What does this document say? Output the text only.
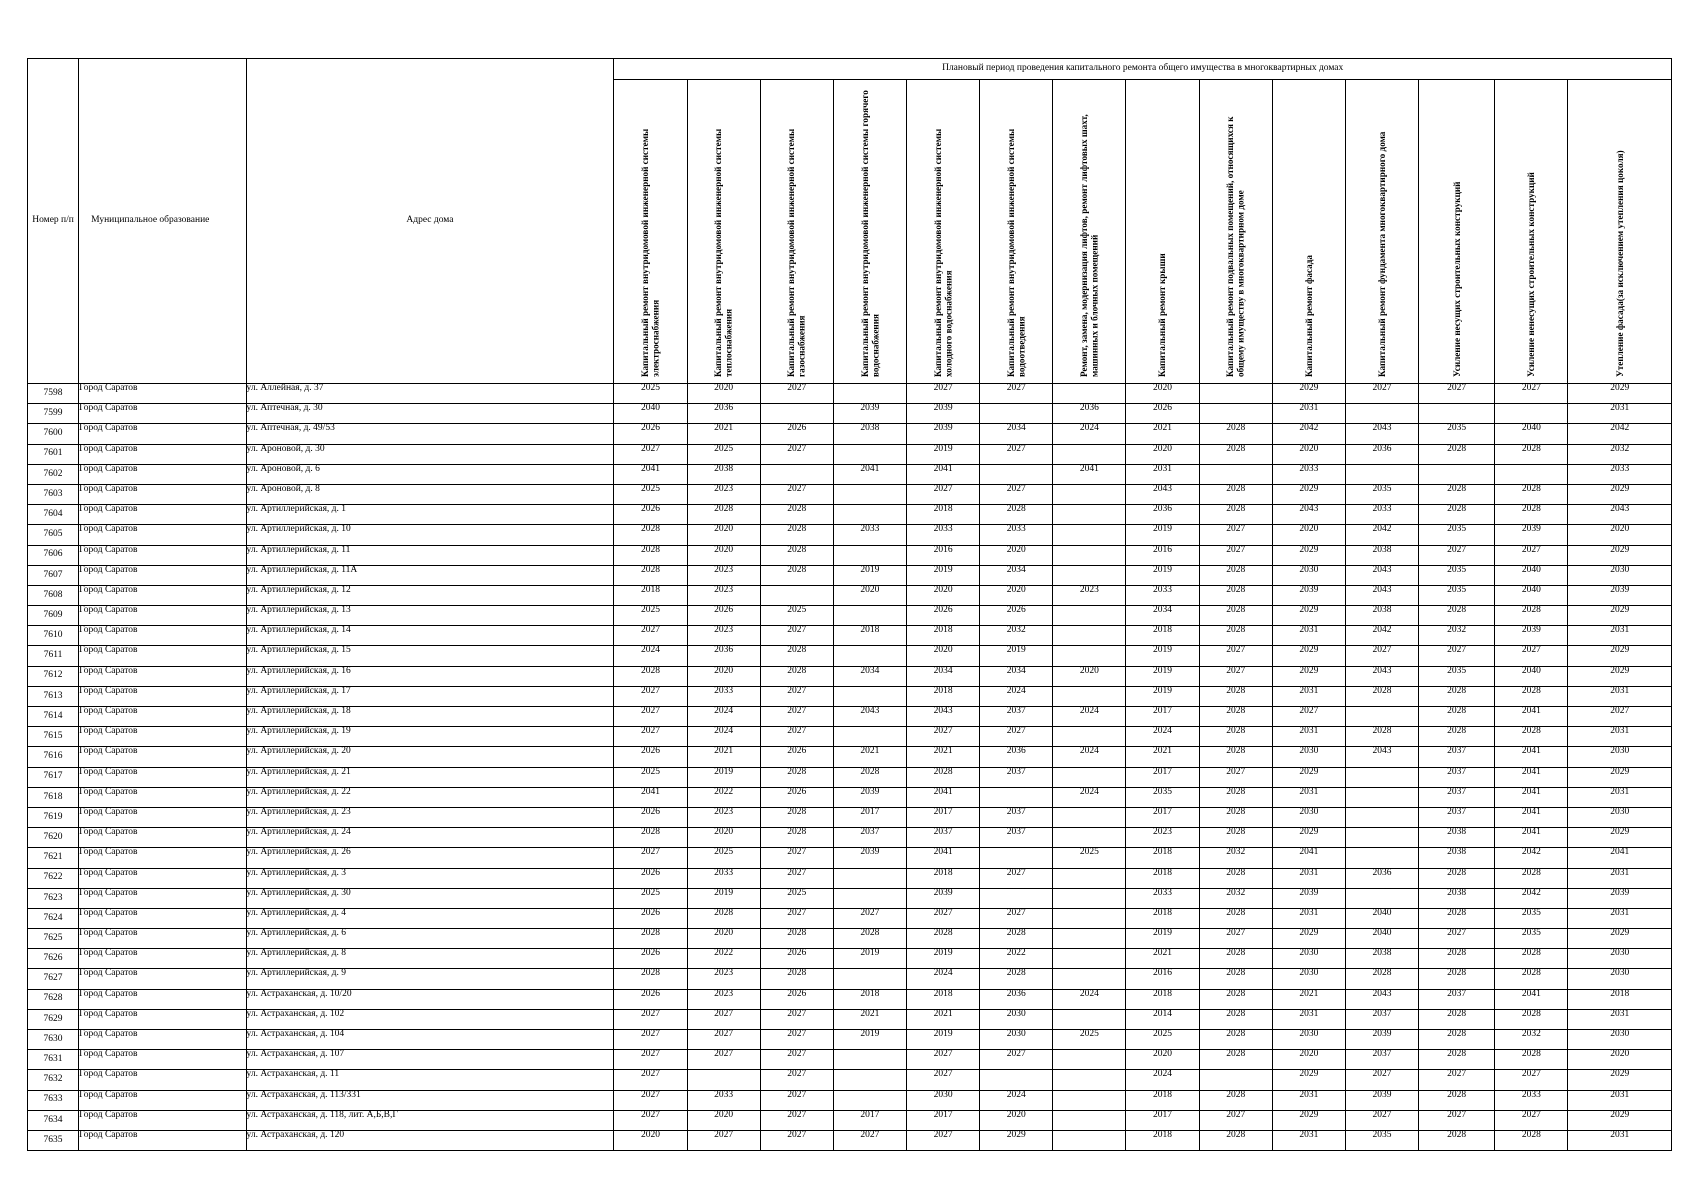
Номер п/п	Муниципальное образование	Адрес дома	Плановый период проведения капитального ремонта общего имущества в многоквартирных домах													

Капитальный ремонт внутридомовой инженерной системы электроснабжения	Капитальный ремонт внутридомовой инженерной системы теплоснабжения	Капитальный ремонт внутридомовой инженерной системы газоснабжения	Капитальный ремонт внутридомовой инженерной системы горячего водоснабжения	Капитальный ремонт внутридомовой инженерной системы холодного водоснабжения	Капитальный ремонт внутридомовой инженерной системы водоотведения	Ремонт, замена, модернизация лифтов, ремонт лифтовых шахт, машинных и блочных помещений	Капитальный ремонт крыши	Капитальный ремонт подвальных помещений, относящихся к общему имуществу в многоквартирном доме	Капитальный ремонт фасада	Капитальный ремонт фундамента многоквартирного дома	Усиление несущих строительных конструкций	Усиление ненесущих строительных конструкций	Утепление фасада(за исключением утепления цоколя)

7598	Город Саратов	ул. Аллейная, д. 37	2025	2020	2027		2027	2027		2020		2029	2027	2027	2027	2029
7599	Город Саратов	ул. Аптечная, д. 30	2040	2036		2039	2039		2036	2026		2031				2031
7600	Город Саратов	ул. Аптечная, д. 49/53	2026	2021	2026	2038	2039	2034	2024	2021	2028	2042	2043	2035	2040	2042
7601	Город Саратов	ул. Ароновой, д. 30	2027	2025	2027		2019	2027		2020	2028	2020	2036	2028	2028	2032
7602	Город Саратов	ул. Ароновой, д. 6	2041	2038		2041	2041		2041	2031		2033				2033
7603	Город Саратов	ул. Ароновой, д. 8	2025	2023	2027		2027	2027		2043	2028	2029	2035	2028	2028	2029
7604	Город Саратов	ул. Артиллерийская, д. 1	2026	2028	2028		2018	2028		2036	2028	2043	2033	2028	2028	2043
7605	Город Саратов	ул. Артиллерийская, д. 10	2028	2020	2028	2033	2033	2033		2019	2027	2020	2042	2035	2039	2020
7606	Город Саратов	ул. Артиллерийская, д. 11	2028	2020	2028		2016	2020		2016	2027	2029	2038	2027	2027	2029
7607	Город Саратов	ул. Артиллерийская, д. 11А	2028	2023	2028	2019	2019	2034		2019	2028	2030	2043	2035	2040	2030
7608	Город Саратов	ул. Артиллерийская, д. 12	2018	2023		2020	2020	2020	2023	2033	2028	2039	2043	2035	2040	2039
7609	Город Саратов	ул. Артиллерийская, д. 13	2025	2026	2025		2026	2026		2034	2028	2029	2038	2028	2028	2029
7610	Город Саратов	ул. Артиллерийская, д. 14	2027	2023	2027	2018	2018	2032		2018	2028	2031	2042	2032	2039	2031
7611	Город Саратов	ул. Артиллерийская, д. 15	2024	2036	2028		2020	2019		2019	2027	2029	2027	2027	2027	2029
7612	Город Саратов	ул. Артиллерийская, д. 16	2028	2020	2028	2034	2034	2034	2020	2019	2027	2029	2043	2035	2040	2029
7613	Город Саратов	ул. Артиллерийская, д. 17	2027	2033	2027		2018	2024		2019	2028	2031	2028	2028	2028	2031
7614	Город Саратов	ул. Артиллерийская, д. 18	2027	2024	2027	2043	2043	2037	2024	2017	2028	2027		2028	2041	2027
7615	Город Саратов	ул. Артиллерийская, д. 19	2027	2024	2027		2027	2027		2024	2028	2031	2028	2028	2028	2031
7616	Город Саратов	ул. Артиллерийская, д. 20	2026	2021	2026	2021	2021	2036	2024	2021	2028	2030	2043	2037	2041	2030
7617	Город Саратов	ул. Артиллерийская, д. 21	2025	2019	2028	2028	2028	2037		2017	2027	2029		2037	2041	2029
7618	Город Саратов	ул. Артиллерийская, д. 22	2041	2022	2026	2039	2041		2024	2035	2028	2031		2037	2041	2031
7619	Город Саратов	ул. Артиллерийская, д. 23	2026	2023	2028	2017	2017	2037		2017	2028	2030		2037	2041	2030
7620	Город Саратов	ул. Артиллерийская, д. 24	2028	2020	2028	2037	2037	2037		2023	2028	2029		2038	2041	2029
7621	Город Саратов	ул. Артиллерийская, д. 26	2027	2025	2027	2039	2041		2025	2018	2032	2041		2038	2042	2041
7622	Город Саратов	ул. Артиллерийская, д. 3	2026	2033	2027		2018	2027		2018	2028	2031	2036	2028	2028	2031
7623	Город Саратов	ул. Артиллерийская, д. 30	2025	2019	2025		2039			2033	2032	2039		2038	2042	2039
7624	Город Саратов	ул. Артиллерийская, д. 4	2026	2028	2027	2027	2027	2027		2018	2028	2031	2040	2028	2035	2031
7625	Город Саратов	ул. Артиллерийская, д. 6	2028	2020	2028	2028	2028	2028		2019	2027	2029	2040	2027	2035	2029
7626	Город Саратов	ул. Артиллерийская, д. 8	2026	2022	2026	2019	2019	2022		2021	2028	2030	2038	2028	2028	2030
7627	Город Саратов	ул. Артиллерийская, д. 9	2028	2023	2028		2024	2028		2016	2028	2030	2028	2028	2028	2030
7628	Город Саратов	ул. Астраханская, д. 10/20	2026	2023	2026	2018	2018	2036	2024	2018	2028	2021	2043	2037	2041	2018
7629	Город Саратов	ул. Астраханская, д. 102	2027	2027	2027	2021	2021	2030		2014	2028	2031	2037	2028	2028	2031
7630	Город Саратов	ул. Астраханская, д. 104	2027	2027	2027	2019	2019	2030	2025	2025	2028	2030	2039	2028	2032	2030
7631	Город Саратов	ул. Астраханская, д. 107	2027	2027	2027		2027	2027		2020	2028	2020	2037	2028	2028	2020
7632	Город Саратов	ул. Астраханская, д. 11	2027		2027		2027			2024		2029	2027	2027	2027	2029
7633	Город Саратов	ул. Астраханская, д. 113/331	2027	2033	2027		2030	2024		2018	2028	2031	2039	2028	2033	2031
7634	Город Саратов	ул. Астраханская, д. 118, лит. А,Б,В,Г	2027	2020	2027	2017	2017	2020		2017	2027	2029	2027	2027	2027	2029
7635	Город Саратов	ул. Астраханская, д. 120	2020	2027	2027	2027	2027	2029		2018	2028	2031	2035	2028	2028	2031
